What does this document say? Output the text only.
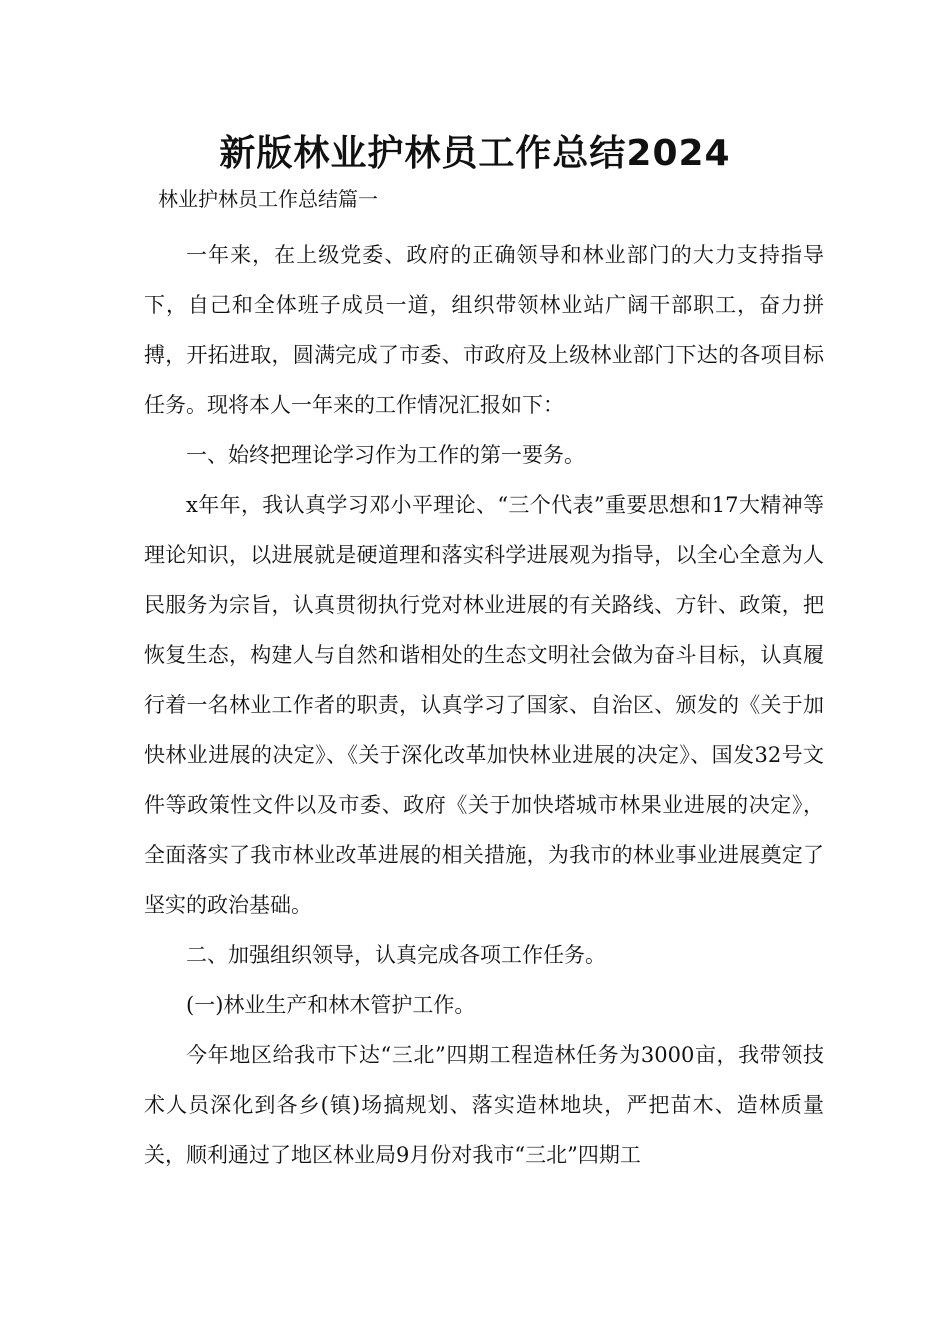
新版林业护林员工作总结2024
林业护林员工作总结篇一

一年来，在上级党委、政府的正确领导和林业部门的大力支持指导下，自己和全体班子成员一道，组织带领林业站广阔干部职工，奋力拼搏，开拓进取，圆满完成了市委、市政府及上级林业部门下达的各项目标任务。现将本人一年来的工作情况汇报如下：

一、始终把理论学习作为工作的第一要务。

x年年，我认真学习邓小平理论、“三个代表”重要思想和17大精神等理论知识，以进展就是硬道理和落实科学进展观为指导，以全心全意为人民服务为宗旨，认真贯彻执行党对林业进展的有关路线、方针、政策，把恢复生态，构建人与自然和谐相处的生态文明社会做为奋斗目标，认真履行着一名林业工作者的职责，认真学习了国家、自治区、颁发的《关于加快林业进展的决定》、《关于深化改革加快林业进展的决定》、国发32号文件等政策性文件以及市委、政府《关于加快塔城市林果业进展的决定》，全面落实了我市林业改革进展的相关措施，为我市的林业事业进展奠定了坚实的政治基础。

二、加强组织领导，认真完成各项工作任务。

(一)林业生产和林木管护工作。

今年地区给我市下达“三北”四期工程造林任务为3000亩，我带领技术人员深化到各乡(镇)场搞规划、落实造林地块，严把苗木、造林质量关，顺利通过了地区林业局9月份对我市“三北”四期工
